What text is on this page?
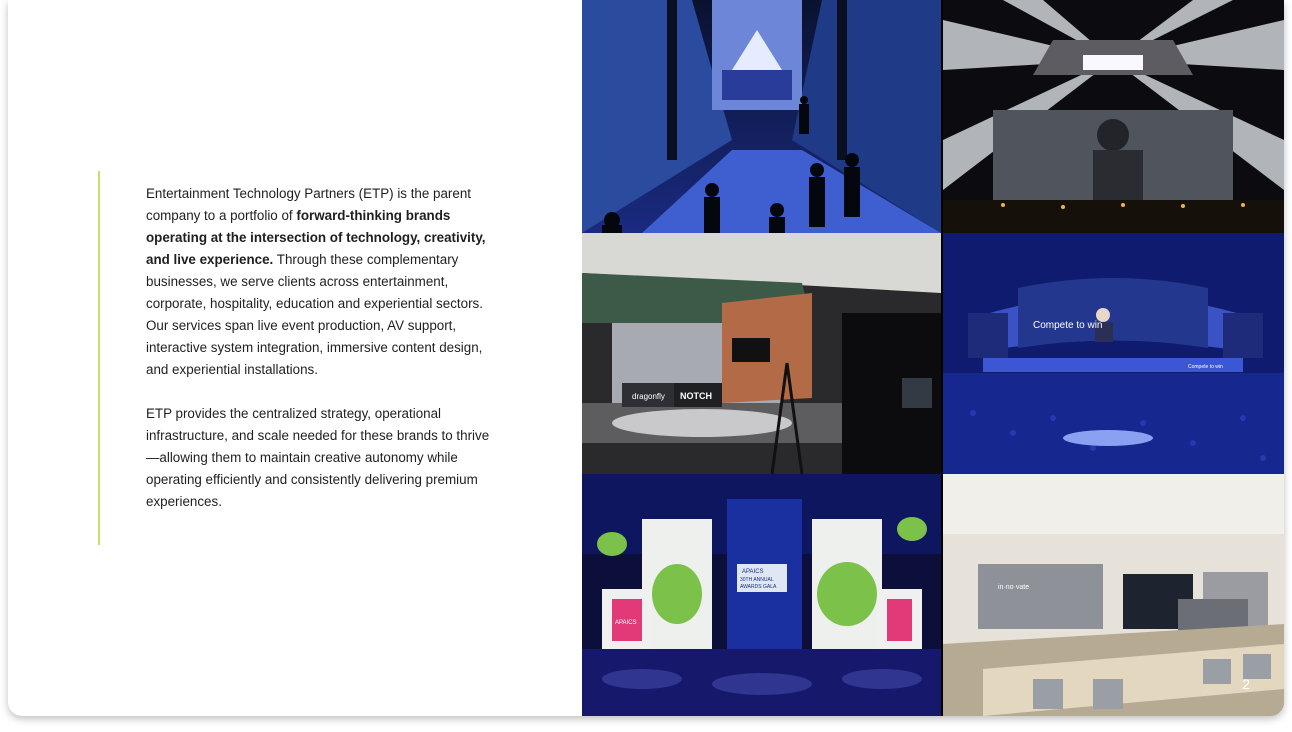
Entertainment Technology Partners (ETP) is the parent company to a portfolio of forward-thinking brands operating at the intersection of technology, creativity, and live experience. Through these complementary businesses, we serve clients across entertainment, corporate, hospitality, education and experiential sectors. Our services span live event production, AV support, interactive system integration, immersive content design, and experiential installations.

ETP provides the centralized strategy, operational infrastructure, and scale needed for these brands to thrive—allowing them to maintain creative autonomy while operating efficiently and consistently delivering premium experiences.

dragonfly NOTCH
Compete to win
Compete to win
APAICS
30TH ANNUAL
AWARDS GALA
APAICS
in·no·vate
2
